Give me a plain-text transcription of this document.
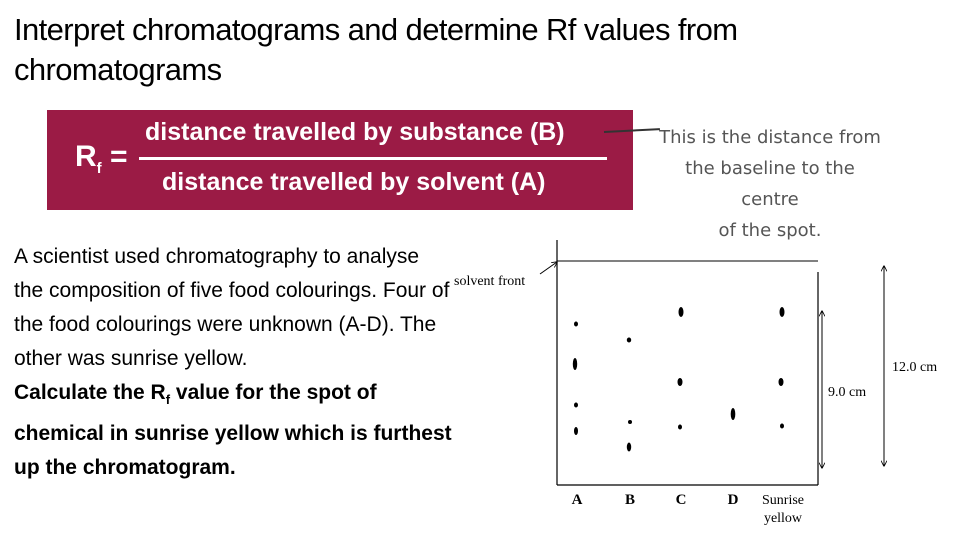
Interpret chromatograms and determine Rf values from chromatograms
$R_f$ =
distance travelled by substance (B)
distance travelled by solvent (A)
This is the distance from
the baseline to the centre
of the spot.
A scientist used chromatography to analyse the composition of five food colourings. Four of the food colourings were unknown (A-D). The other was sunrise yellow.
Calculate the $R_f$ value for the spot of chemical in sunrise yellow which is furthest up the chromatogram.
solvent front
12.0 cm
9.0 cm
A	B	C	D Sunrise
yellow
